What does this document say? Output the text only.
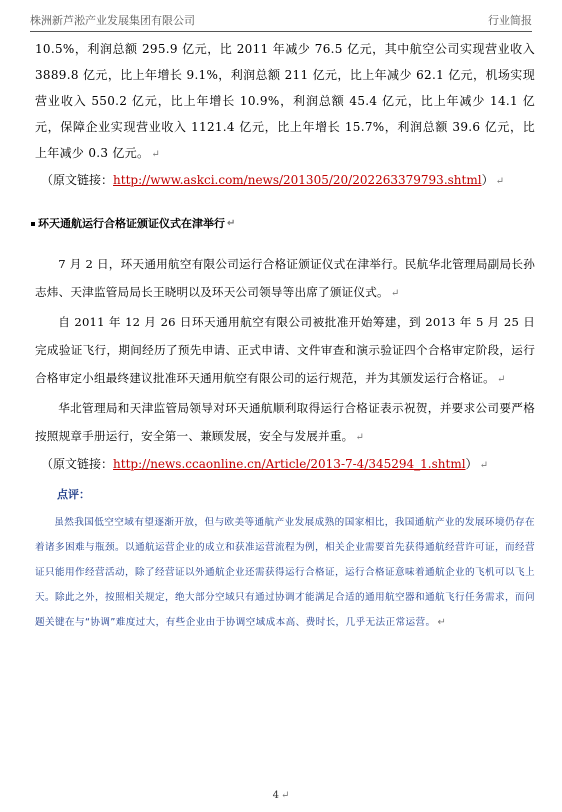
株洲新芦淞产业发展集团有限公司	行业简报

10.5%，利润总额 295.9 亿元，比 2011 年减少 76.5 亿元，其中航空公司实现营业收入 3889.8 亿元，比上年增长 9.1%，利润总额 211 亿元，比上年减少 62.1 亿元，机场实现营业收入 550.2 亿元，比上年增长 10.9%，利润总额 45.4 亿元，比上年减少 14.1 亿元，保障企业实现营业收入 1121.4 亿元，比上年增长 15.7%，利润总额 39.6 亿元，比上年减少 0.3 亿元。 ↵

（原文链接：http://www.askci.com/news/201305/20/202263379793.shtml） ↵

环天通航运行合格证颁证仪式在津举行 ↵

7 月 2 日，环天通用航空有限公司运行合格证颁证仪式在津举行。民航华北管理局副局长孙志炜、天津监管局局长王晓明以及环天公司领导等出席了颁证仪式。 ↵

自 2011 年 12 月 26 日环天通用航空有限公司被批准开始筹建，到 2013 年 5 月 25 日完成验证飞行，期间经历了预先申请、正式申请、文件审查和演示验证四个合格审定阶段，运行合格审定小组最终建议批准环天通用航空有限公司的运行规范，并为其颁发运行合格证。 ↵

华北管理局和天津监管局领导对环天通航顺利取得运行合格证表示祝贺，并要求公司要严格按照规章手册运行，安全第一、兼顾发展，安全与发展并重。 ↵

（原文链接：http://news.ccaonline.cn/Article/2013-7-4/345294_1.shtml） ↵

点评：

虽然我国低空空域有望逐渐开放，但与欧美等通航产业发展成熟的国家相比，我国通航产业的发展环境仍存在着诸多困难与瓶颈。以通航运营企业的成立和获准运营流程为例，相关企业需要首先获得通航经营许可证，而经营证只能用作经营活动，除了经营证以外通航企业还需获得运行合格证，运行合格证意味着通航企业的飞机可以飞上天。除此之外，按照相关规定，绝大部分空域只有通过协调才能满足合适的通用航空器和通航飞行任务需求，而问题关键在与“协调”难度过大，有些企业由于协调空域成本高、费时长，几乎无法正常运营。 ↵

4 ↵
